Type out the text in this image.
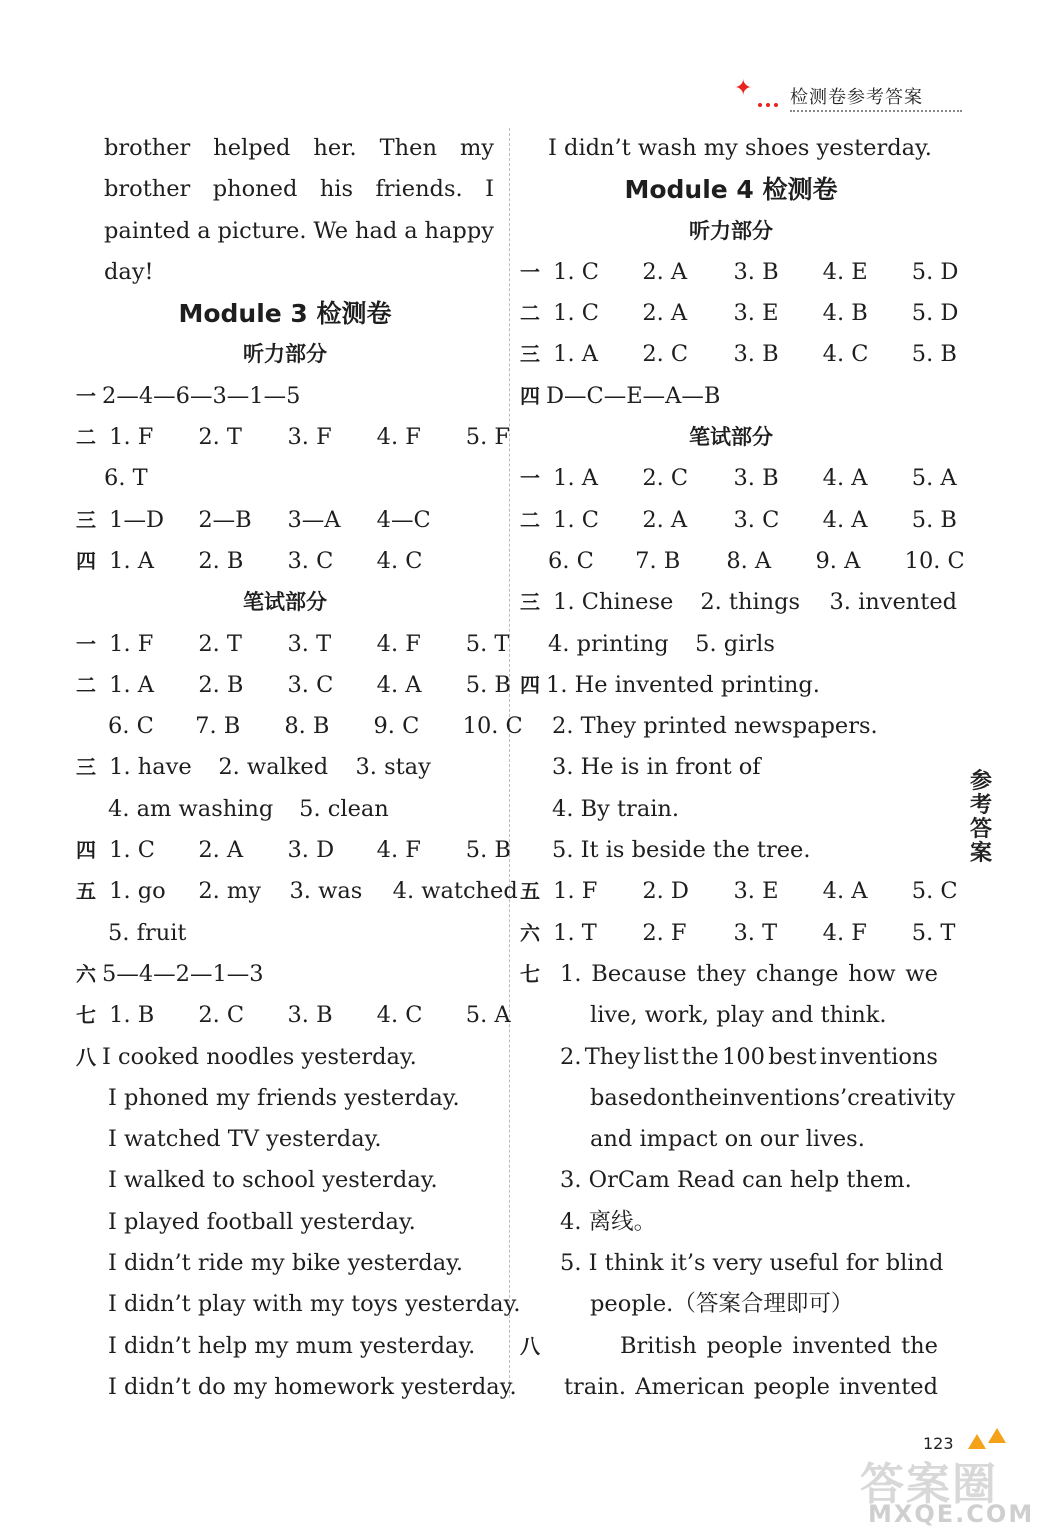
✦ 检测卷参考答案
brother helped her. Then my
brother phoned his friends. I
painted a picture. We had a happy
day!
Module 3 检测卷
听力部分
一 2—4—6—3—1—5
二 1. F 2. T 3. F 4. F 5. F
6. T
三 1—D 2—B 3—A 4—C
四 1. A 2. B 3. C 4. C
笔试部分
一 1. F 2. T 3. T 4. F 5. T
二 1. A 2. B 3. C 4. A 5. B
6. C 7. B 8. B 9. C 10. C
三 1. have 2. walked 3. stay
4. am washing 5. clean
四 1. C 2. A 3. D 4. F 5. B
五 1. go 2. my 3. was 4. watched
5. fruit
六 5—4—2—1—3
七 1. B 2. C 3. B 4. C 5. A
八 I cooked noodles yesterday.
I phoned my friends yesterday.
I watched TV yesterday.
I walked to school yesterday.
I played football yesterday.
I didn’t ride my bike yesterday.
I didn’t play with my toys yesterday.
I didn’t help my mum yesterday.
I didn’t do my homework yesterday.
I didn’t wash my shoes yesterday.
Module 4 检测卷
听力部分
一 1. C 2. A 3. B 4. E 5. D
二 1. C 2. A 3. E 4. B 5. D
三 1. A 2. C 3. B 4. C 5. B
四 D—C—E—A—B
笔试部分
一 1. A 2. C 3. B 4. A 5. A
二 1. C 2. A 3. C 4. A 5. B
6. C 7. B 8. A 9. A 10. C
三 1. Chinese 2. things 3. invented
4. printing 5. girls
四 1. He invented printing.
2. They printed newspapers.
3. He is in front of
4. By train.
5. It is beside the tree.
五 1. F 2. D 3. E 4. A 5. C
六 1. T 2. F 3. T 4. F 5. T
七 1. Because they change how we
live, work, play and think.
2. They list the 100 best inventions
based on the inventions’ creativity
and impact on our lives.
3. OrCam Read can help them.
4. 离线。
5. I think it’s very useful for blind
people.（答案合理即可）
八	British people invented the
train. American people invented
参考答案
123
答案圈
MXQE.COM
